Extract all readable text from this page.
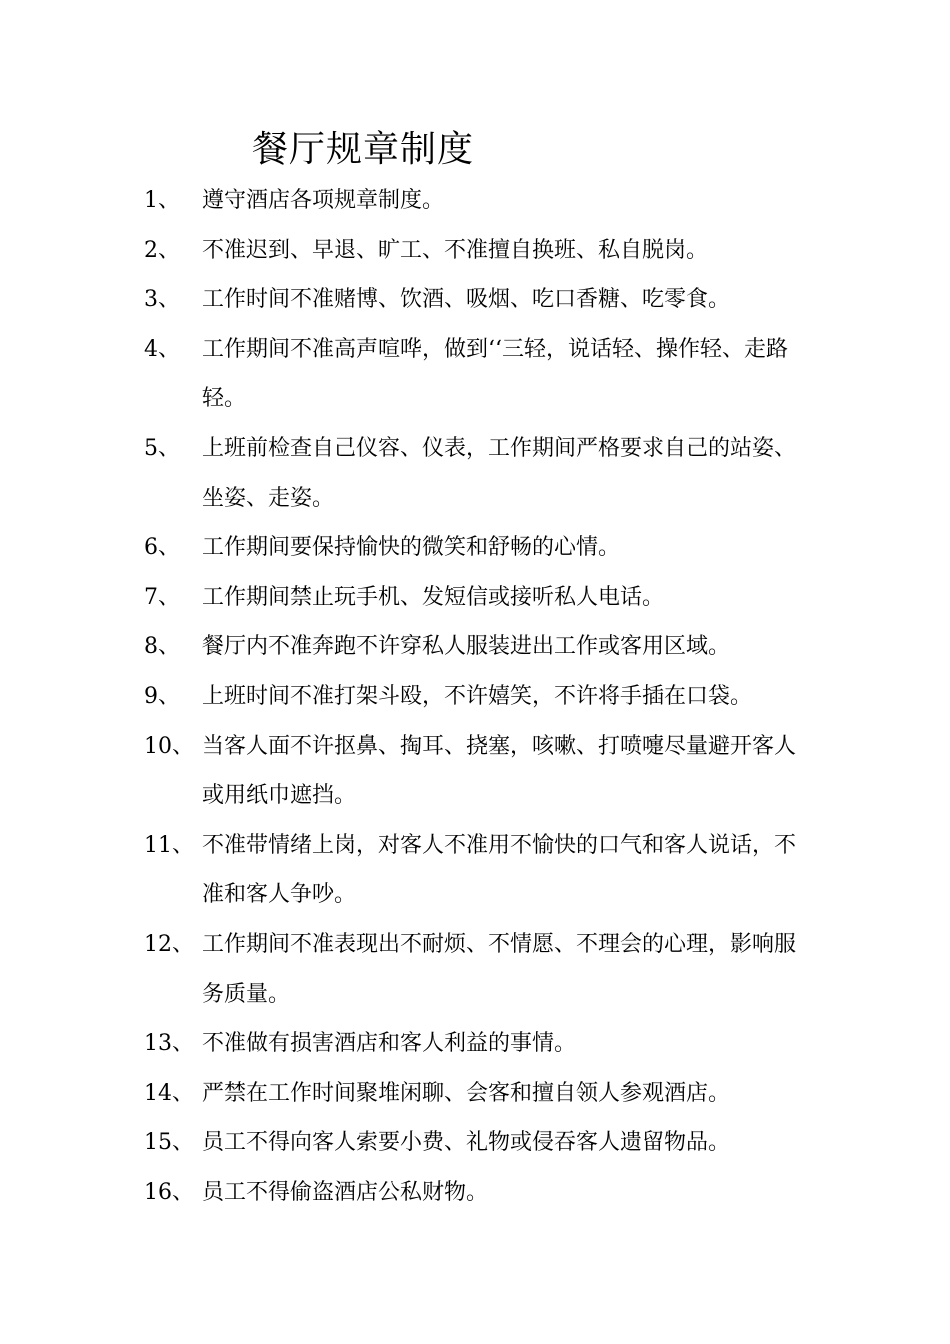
餐厅规章制度
1、	遵守酒店各项规章制度。
2、	不准迟到、早退、旷工、不准擅自换班、私自脱岗。
3、	工作时间不准赌博、饮酒、吸烟、吃口香糖、吃零食。
4、	工作期间不准高声喧哗，做到‘‘三轻，说话轻、操作轻、走路轻。
5、	上班前检查自己仪容、仪表，工作期间严格要求自己的站姿、坐姿、走姿。
6、	工作期间要保持愉快的微笑和舒畅的心情。
7、	工作期间禁止玩手机、发短信或接听私人电话。
8、	餐厅内不准奔跑不许穿私人服装进出工作或客用区域。
9、	上班时间不准打架斗殴，不许嬉笑，不许将手插在口袋。
10、 当客人面不许抠鼻、掏耳、挠塞，咳嗽、打喷嚏尽量避开客人或用纸巾遮挡。
11、 不准带情绪上岗，对客人不准用不愉快的口气和客人说话，不准和客人争吵。
12、 工作期间不准表现出不耐烦、不情愿、不理会的心理，影响服务质量。
13、 不准做有损害酒店和客人利益的事情。
14、 严禁在工作时间聚堆闲聊、会客和擅自领人参观酒店。
15、 员工不得向客人索要小费、礼物或侵吞客人遗留物品。
16、 员工不得偷盗酒店公私财物。
